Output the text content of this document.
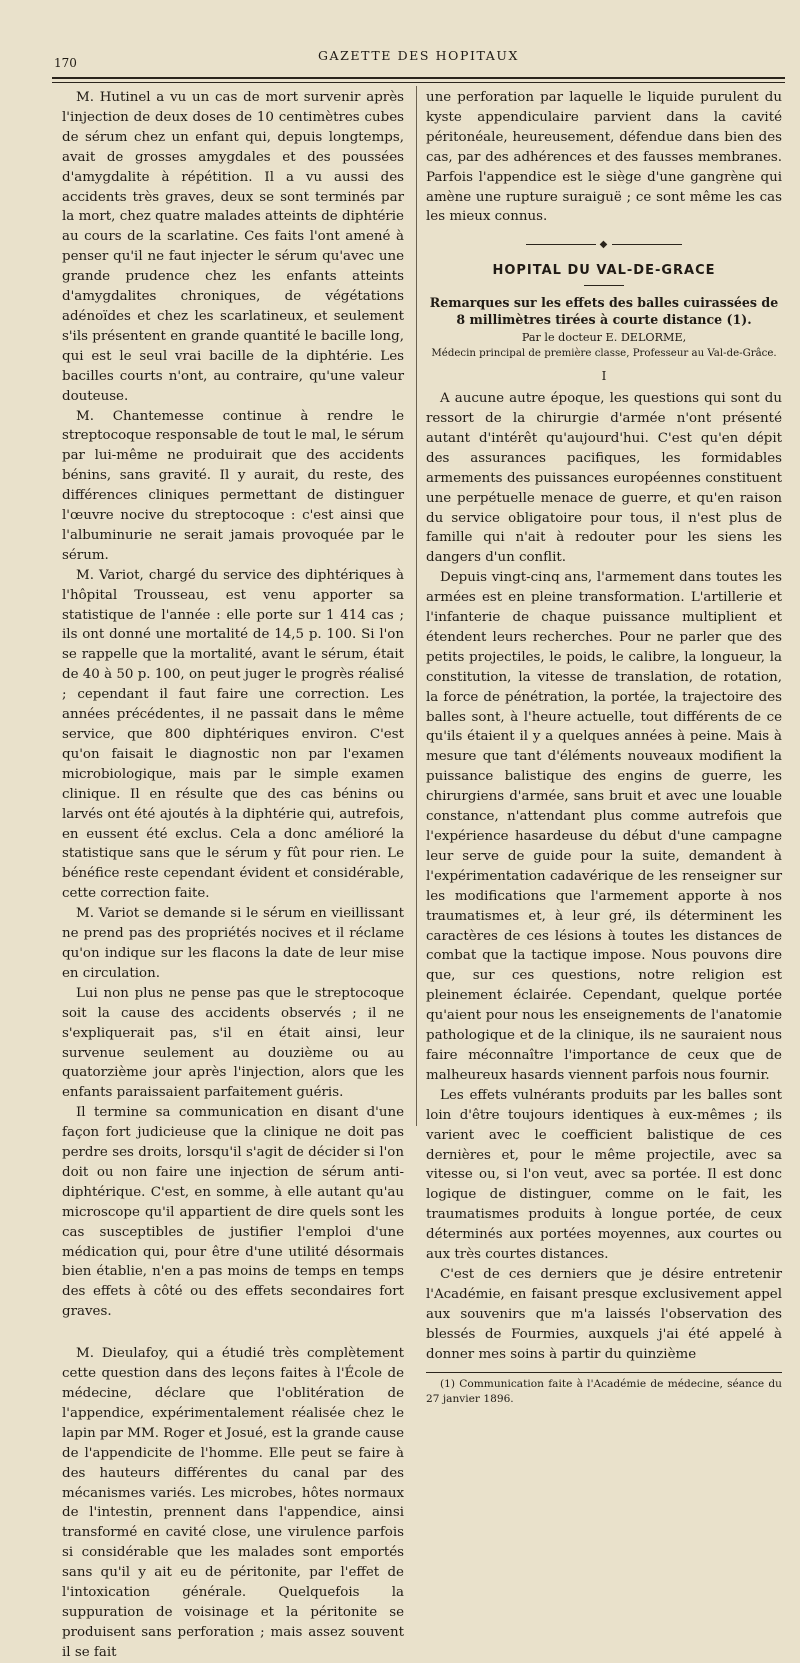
170	GAZETTE DES HOPITAUX

M. Hutinel a vu un cas de mort survenir après l'injection de deux doses de 10 centimètres cubes de sérum chez un enfant qui, depuis longtemps, avait de grosses amygdales et des poussées d'amygdalite à répétition. Il a vu aussi des accidents très graves, deux se sont terminés par la mort, chez quatre malades atteints de diphtérie au cours de la scarlatine. Ces faits l'ont amené à penser qu'il ne faut injecter le sérum qu'avec une grande prudence chez les enfants atteints d'amygdalites chroniques, de végétations adénoïdes et chez les scarlatineux, et seulement s'ils présentent en grande quantité le bacille long, qui est le seul vrai bacille de la diphtérie. Les bacilles courts n'ont, au contraire, qu'une valeur douteuse.

M. Chantemesse continue à rendre le streptocoque responsable de tout le mal, le sérum par lui-même ne produirait que des accidents bénins, sans gravité. Il y aurait, du reste, des différences cliniques permettant de distinguer l'œuvre nocive du streptocoque : c'est ainsi que l'albuminurie ne serait jamais provoquée par le sérum.

M. Variot, chargé du service des diphtériques à l'hôpital Trousseau, est venu apporter sa statistique de l'année : elle porte sur 1 414 cas ; ils ont donné une mortalité de 14,5 p. 100. Si l'on se rappelle que la mortalité, avant le sérum, était de 40 à 50 p. 100, on peut juger le progrès réalisé ; cependant il faut faire une correction. Les années précédentes, il ne passait dans le même service, que 800 diphtériques environ. C'est qu'on faisait le diagnostic non par l'examen microbiologique, mais par le simple examen clinique. Il en résulte que des cas bénins ou larvés ont été ajoutés à la diphtérie qui, autrefois, en eussent été exclus. Cela a donc amélioré la statistique sans que le sérum y fût pour rien. Le bénéfice reste cependant évident et considérable, cette correction faite.

M. Variot se demande si le sérum en vieillissant ne prend pas des propriétés nocives et il réclame qu'on indique sur les flacons la date de leur mise en circulation.

Lui non plus ne pense pas que le streptocoque soit la cause des accidents observés ; il ne s'expliquerait pas, s'il en était ainsi, leur survenue seulement au douzième ou au quatorzième jour après l'injection, alors que les enfants paraissaient parfaitement guéris.

Il termine sa communication en disant d'une façon fort judicieuse que la clinique ne doit pas perdre ses droits, lorsqu'il s'agit de décider si l'on doit ou non faire une injection de sérum anti-diphtérique. C'est, en somme, à elle autant qu'au microscope qu'il appartient de dire quels sont les cas susceptibles de justifier l'emploi d'une médication qui, pour être d'une utilité désormais bien établie, n'en a pas moins de temps en temps des effets à côté ou des effets secondaires fort graves.

M. Dieulafoy, qui a étudié très complètement cette question dans des leçons faites à l'École de médecine, déclare que l'oblitération de l'appendice, expérimentalement réalisée chez le lapin par MM. Roger et Josué, est la grande cause de l'appendicite de l'homme. Elle peut se faire à des hauteurs différentes du canal par des mécanismes variés. Les microbes, hôtes normaux de l'intestin, prennent dans l'appendice, ainsi transformé en cavité close, une virulence parfois si considérable que les malades sont emportés sans qu'il y ait eu de péritonite, par l'effet de l'intoxication générale. Quelquefois la suppuration de voisinage et la péritonite se produisent sans perforation ; mais assez souvent il se fait

une perforation par laquelle le liquide purulent du kyste appendiculaire parvient dans la cavité péritonéale, heureusement, défendue dans bien des cas, par des adhérences et des fausses membranes. Parfois l'appendice est le siège d'une gangrène qui amène une rupture suraiguë ; ce sont même les cas les mieux connus.

◆
HOPITAL DU VAL-DE-GRACE
Remarques sur les effets des balles cuirassées de 8 millimètres tirées à courte distance (1).
Par le docteur E. DELORME,
Médecin principal de première classe, Professeur au Val-de-Grâce.
I

A aucune autre époque, les questions qui sont du ressort de la chirurgie d'armée n'ont présenté autant d'intérêt qu'aujourd'hui. C'est qu'en dépit des assurances pacifiques, les formidables armements des puissances européennes constituent une perpétuelle menace de guerre, et qu'en raison du service obligatoire pour tous, il n'est plus de famille qui n'ait à redouter pour les siens les dangers d'un conflit.

Depuis vingt-cinq ans, l'armement dans toutes les armées est en pleine transformation. L'artillerie et l'infanterie de chaque puissance multiplient et étendent leurs recherches. Pour ne parler que des petits projectiles, le poids, le calibre, la longueur, la constitution, la vitesse de translation, de rotation, la force de pénétration, la portée, la trajectoire des balles sont, à l'heure actuelle, tout différents de ce qu'ils étaient il y a quelques années à peine. Mais à mesure que tant d'éléments nouveaux modifient la puissance balistique des engins de guerre, les chirurgiens d'armée, sans bruit et avec une louable constance, n'attendant plus comme autrefois que l'expérience hasardeuse du début d'une campagne leur serve de guide pour la suite, demandent à l'expérimentation cadavérique de les renseigner sur les modifications que l'armement apporte à nos traumatismes et, à leur gré, ils déterminent les caractères de ces lésions à toutes les distances de combat que la tactique impose. Nous pouvons dire que, sur ces questions, notre religion est pleinement éclairée. Cependant, quelque portée qu'aient pour nous les enseignements de l'anatomie pathologique et de la clinique, ils ne sauraient nous faire méconnaître l'importance de ceux que de malheureux hasards viennent parfois nous fournir.

Les effets vulnérants produits par les balles sont loin d'être toujours identiques à eux-mêmes ; ils varient avec le coefficient balistique de ces dernières et, pour le même projectile, avec sa vitesse ou, si l'on veut, avec sa portée. Il est donc logique de distinguer, comme on le fait, les traumatismes produits à longue portée, de ceux déterminés aux portées moyennes, aux courtes ou aux très courtes distances.

C'est de ces derniers que je désire entretenir l'Académie, en faisant presque exclusivement appel aux souvenirs que m'a laissés l'observation des blessés de Fourmies, auxquels j'ai été appelé à donner mes soins à partir du quinzième

(1) Communication faite à l'Académie de médecine, séance du 27 janvier 1896.
